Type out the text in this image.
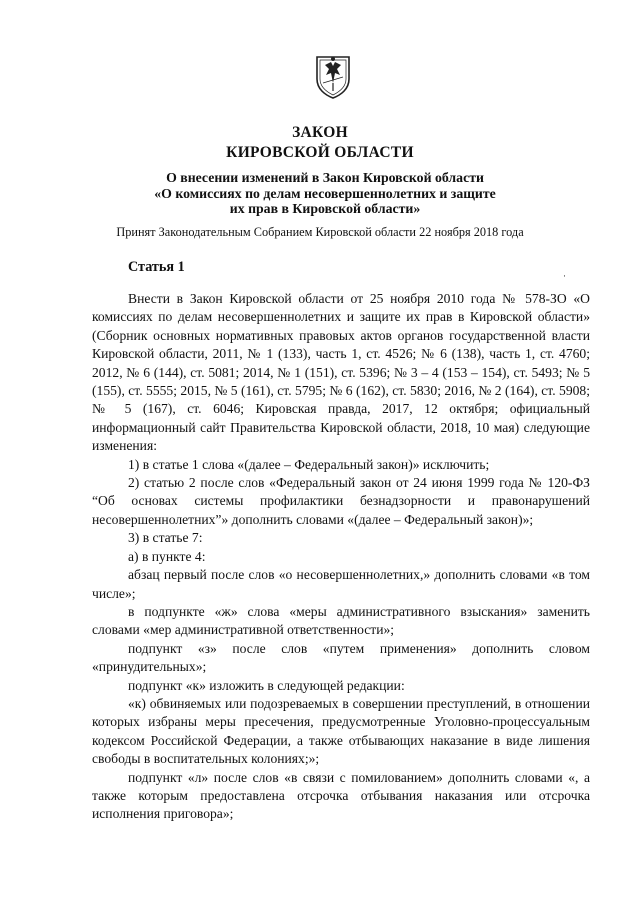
ЗАКОН
КИРОВСКОЙ ОБЛАСТИ
О внесении изменений в Закон Кировской области
«О комиссиях по делам несовершеннолетних и защите
их прав в Кировской области»
Принят Законодательным Собранием Кировской области 22 ноября 2018 года
Статья 1
·

Внести в Закон Кировской области от 25 ноября 2010 года № 578-ЗО «О комиссиях по делам несовершеннолетних и защите их прав в Кировской области» (Сборник основных нормативных правовых актов органов государственной власти Кировской области, 2011, № 1 (133), часть 1, ст. 4526; № 6 (138), часть 1, ст. 4760; 2012, № 6 (144), ст. 5081; 2014, № 1 (151), ст. 5396; № 3 – 4 (153 – 154), ст. 5493; № 5 (155), ст. 5555; 2015, № 5 (161), ст. 5795; № 6 (162), ст. 5830; 2016, № 2 (164), ст. 5908; № 5 (167), ст. 6046; Кировская правда, 2017, 12 октября; официальный информационный сайт Правительства Кировской области, 2018, 10 мая) следующие изменения:

1) в статье 1 слова «(далее – Федеральный закон)» исключить;

2) статью 2 после слов «Федеральный закон от 24 июня 1999 года № 120-ФЗ “Об основах системы профилактики безнадзорности и правонарушений несовершеннолетних”» дополнить словами «(далее – Федеральный закон)»;

3) в статье 7:

а) в пункте 4:

абзац первый после слов «о несовершеннолетних,» дополнить словами «в том числе»;

в подпункте «ж» слова «меры административного взыскания» заменить словами «мер административной ответственности»;

подпункт «з» после слов «путем применения» дополнить словом «принудительных»;

подпункт «к» изложить в следующей редакции:

«к) обвиняемых или подозреваемых в совершении преступлений, в отношении которых избраны меры пресечения, предусмотренные Уголовно-процессуальным кодексом Российской Федерации, а также отбывающих наказание в виде лишения свободы в воспитательных колониях;»;

подпункт «л» после слов «в связи с помилованием» дополнить словами «, а также которым предоставлена отсрочка отбывания наказания или отсрочка исполнения приговора»;
